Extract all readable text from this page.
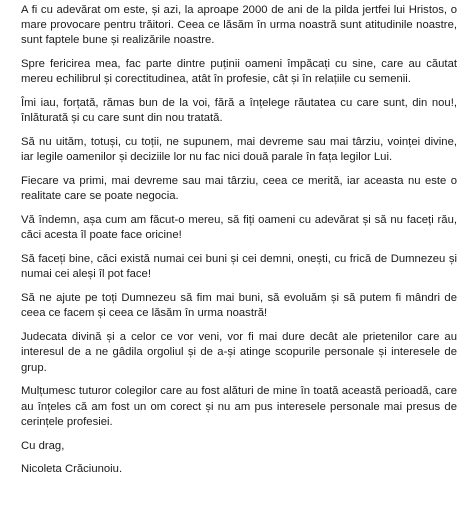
A fi cu adevărat om este, și azi, la aproape 2000 de ani de la pilda jertfei lui Hristos, o mare provocare pentru trăitori. Ceea ce lăsăm în urma noastră sunt atitudinile noastre, sunt faptele bune și realizările noastre.

Spre fericirea mea, fac parte dintre puținii oameni împăcați cu sine, care au căutat mereu echilibrul și corectitudinea, atât în profesie, cât și în relațiile cu semenii.

Îmi iau, forțată, rămas bun de la voi, fără a înțelege răutatea cu care sunt, din nou!, înlăturată și cu care sunt din nou tratată.

Să nu uităm, totuși, cu toții, ne supunem, mai devreme sau mai târziu, voinței divine, iar legile oamenilor și deciziile lor nu fac nici două parale în fața legilor Lui.

Fiecare va primi, mai devreme sau mai târziu, ceea ce merită, iar aceasta nu este o realitate care se poate negocia.

Vă îndemn, așa cum am făcut-o mereu, să fiți oameni cu adevărat și să nu faceți rău, căci acesta îl poate face oricine!

Să faceți bine, căci există numai cei buni și cei demni, onești, cu frică de Dumnezeu și numai cei aleși îl pot face!

Să ne ajute pe toți Dumnezeu să fim mai buni, să evoluăm și să putem fi mândri de ceea ce facem și ceea ce lăsăm în urma noastră!

Judecata divină și a celor ce vor veni, vor fi mai dure decât ale prietenilor care au interesul de a ne gâdila orgoliul și de a-și atinge scopurile personale și interesele de grup.

Mulțumesc tuturor colegilor care au fost alături de mine în toată această perioadă, care au înțeles că am fost un om corect și nu am pus interesele personale mai presus de cerințele profesiei.

Cu drag,

Nicoleta Crăciunoiu.
